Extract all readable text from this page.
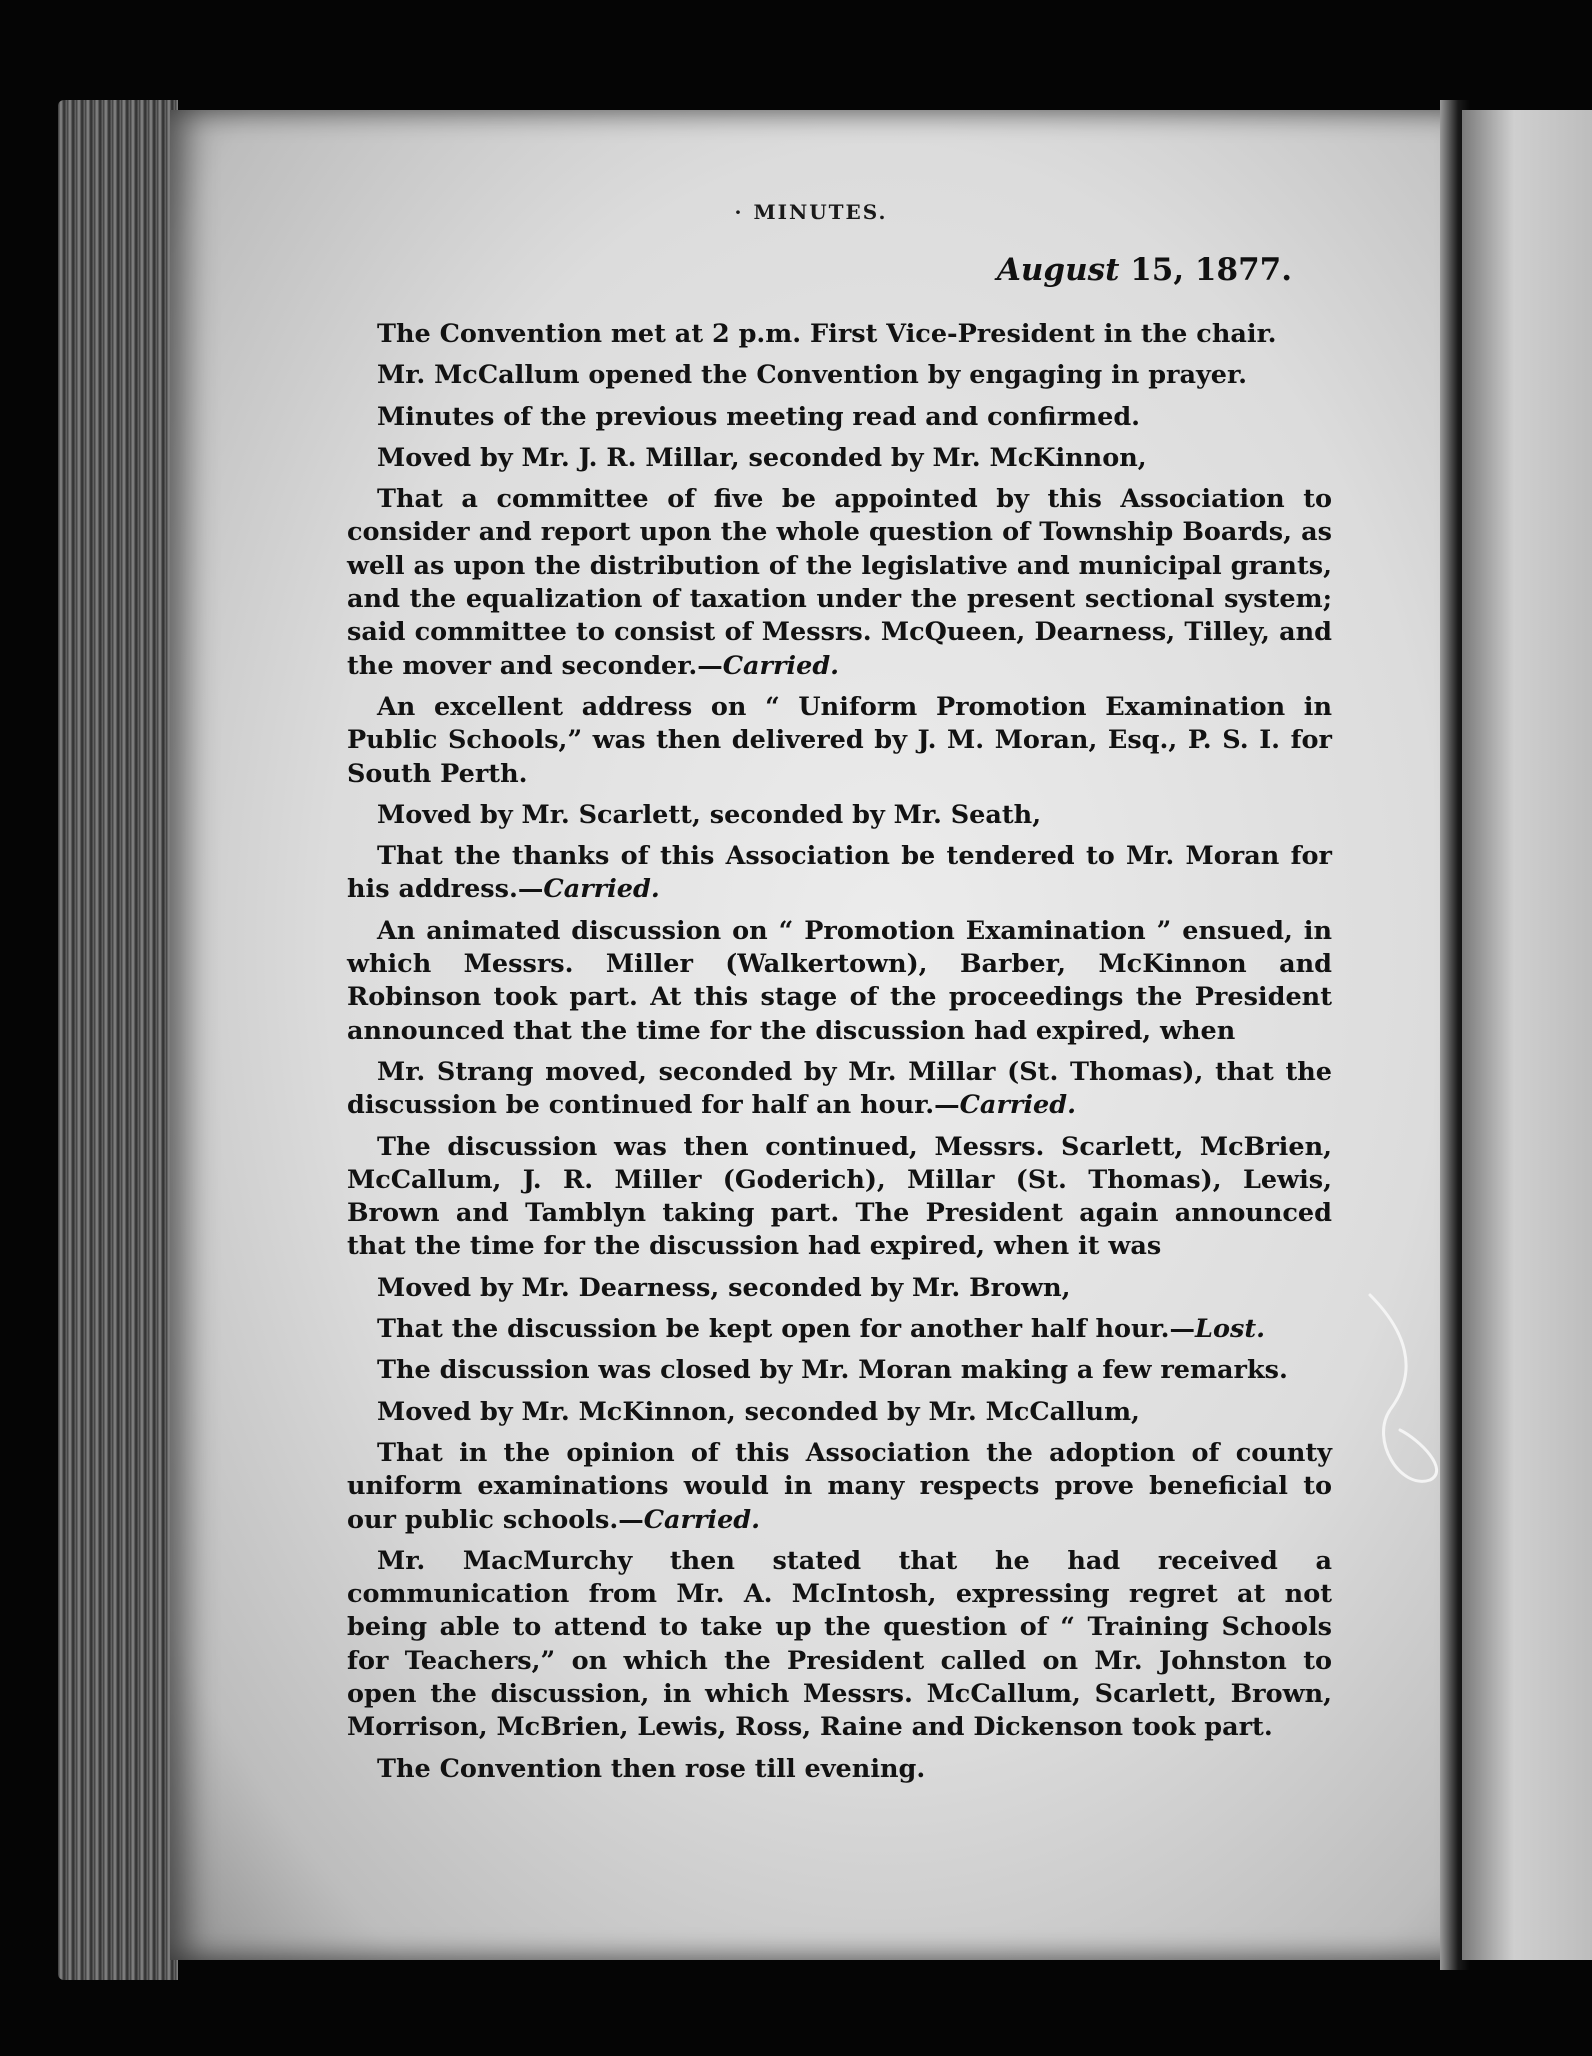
· MINUTES.
August 15, 1877.

The Convention met at 2 p.m. First Vice-President in the chair.

Mr. McCallum opened the Convention by engaging in prayer.

Minutes of the previous meeting read and confirmed.

Moved by Mr. J. R. Millar, seconded by Mr. McKinnon,

That a committee of five be appointed by this Association to consider and report upon the whole question of Township Boards, as well as upon the distribution of the legislative and municipal grants, and the equalization of taxation under the present sectional system; said committee to consist of Messrs. McQueen, Dearness, Tilley, and the mover and seconder.—Carried.

An excellent address on “ Uniform Promotion Examination in Public Schools,” was then delivered by J. M. Moran, Esq., P. S. I. for South Perth.

Moved by Mr. Scarlett, seconded by Mr. Seath,

That the thanks of this Association be tendered to Mr. Moran for his address.—Carried.

An animated discussion on “ Promotion Examination ” ensued, in which Messrs. Miller (Walkertown), Barber, McKinnon and Robinson took part. At this stage of the proceedings the President announced that the time for the discussion had expired, when

Mr. Strang moved, seconded by Mr. Millar (St. Thomas), that the discussion be continued for half an hour.—Carried.

The discussion was then continued, Messrs. Scarlett, McBrien, McCallum, J. R. Miller (Goderich), Millar (St. Thomas), Lewis, Brown and Tamblyn taking part. The President again announced that the time for the discussion had expired, when it was

Moved by Mr. Dearness, seconded by Mr. Brown,

That the discussion be kept open for another half hour.—Lost.

The discussion was closed by Mr. Moran making a few remarks.

Moved by Mr. McKinnon, seconded by Mr. McCallum,

That in the opinion of this Association the adoption of county uniform examinations would in many respects prove beneficial to our public schools.—Carried.

Mr. MacMurchy then stated that he had received a communication from Mr. A. McIntosh, expressing regret at not being able to attend to take up the question of “ Training Schools for Teachers,” on which the President called on Mr. Johnston to open the discussion, in which Messrs. McCallum, Scarlett, Brown, Morrison, McBrien, Lewis, Ross, Raine and Dickenson took part.

The Convention then rose till evening.
